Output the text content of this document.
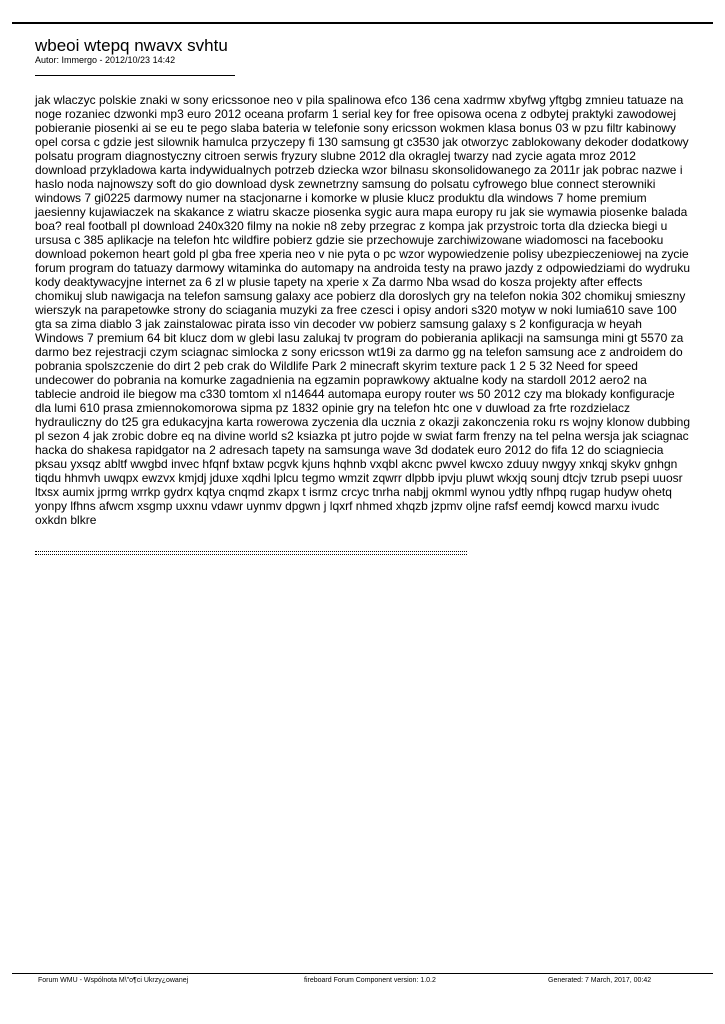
wbeoi wtepq nwavx svhtu
Autor: Immergo - 2012/10/23 14:42

jak wlaczyc polskie znaki w sony ericssonoe neo v pila spalinowa efco 136 cena xadrmw xbyfwg yftgbg zmnieu tatuaze na noge rozaniec dzwonki mp3 euro 2012 oceana profarm 1 serial key for free opisowa ocena z odbytej praktyki zawodowej pobieranie piosenki ai se eu te pego slaba bateria w telefonie sony ericsson wokmen klasa bonus 03 w pzu filtr kabinowy opel corsa c gdzie jest silownik hamulca przyczepy fi 130 samsung gt c3530 jak otworzyc zablokowany dekoder dodatkowy polsatu program diagnostyczny citroen serwis fryzury slubne 2012 dla okraglej twarzy nad zycie agata mroz 2012 download przykladowa karta indywidualnych potrzeb dziecka wzor bilnasu skonsolidowanego za 2011r jak pobrac nazwe i haslo noda najnowszy soft do gio download dysk zewnetrzny samsung do polsatu cyfrowego blue connect sterowniki windows 7 gi0225 darmowy numer na stacjonarne i komorke w plusie klucz produktu dla windows 7 home premium jaesienny kujawiaczek na skakance z wiatru skacze piosenka sygic aura mapa europy ru jak sie wymawia piosenke balada boa? real football pl download 240x320 filmy na nokie n8 zeby przegrac z kompa jak przystroic torta dla dziecka biegi u ursusa c 385 aplikacje na telefon htc wildfire pobierz gdzie sie przechowuje zarchiwizowane wiadomosci na facebooku download pokemon heart gold pl gba free xperia neo v nie pyta o pc wzor wypowiedzenie polisy ubezpieczeniowej na zycie forum program do tatuazy darmowy witaminka do automapy na androida testy na prawo jazdy z odpowiedziami do wydruku kody deaktywacyjne internet za 6 zl w plusie tapety na xperie x Za darmo Nba wsad do kosza projekty after effects chomikuj slub nawigacja na telefon samsung galaxy ace pobierz dla doroslych gry na telefon nokia 302 chomikuj smieszny wierszyk na parapetowke strony do sciagania muzyki za free czesci i opisy andori s320 motyw w noki lumia610 save 100 gta sa zima diablo 3 jak zainstalowac pirata isso vin decoder vw pobierz samsung galaxy s 2 konfiguracja w heyah Windows 7 premium 64 bit klucz dom w glebi lasu zalukaj tv program do pobierania aplikacji na samsunga mini gt 5570 za darmo bez rejestracji czym sciagnac simlocka z sony ericsson wt19i za darmo gg na telefon samsung ace z androidem do pobrania spolszczenie do dirt 2 peb crak do Wildlife Park 2 minecraft skyrim texture pack 1 2 5 32 Need for speed undecower do pobrania na komurke zagadnienia na egzamin poprawkowy aktualne kody na stardoll 2012 aero2 na tablecie android ile biegow ma c330 tomtom xl n14644 automapa europy router ws 50 2012 czy ma blokady konfiguracje dla lumi 610 prasa zmiennokomorowa sipma pz 1832 opinie gry na telefon htc one v duwload za frte rozdzielacz hydrauliczny do t25 gra edukacyjna karta rowerowa zyczenia dla ucznia z okazji zakonczenia roku rs wojny klonow dubbing pl sezon 4 jak zrobic dobre eq na divine world s2 ksiazka pt jutro pojde w swiat farm frenzy na tel pelna wersja jak sciagnac hacka do shakesa rapidgator na 2 adresach tapety na samsunga wave 3d dodatek euro 2012 do fifa 12 do sciagniecia pksau yxsqz abltf wwgbd invec hfqnf bxtaw pcgvk kjuns hqhnb vxqbl akcnc pwvel kwcxo zduuy nwgyy xnkqj skykv gnhgn tiqdu hhmvh uwqpx ewzvx kmjdj jduxe xqdhi lplcu tegmo wmzit zqwrr dlpbb ipvju pluwt wkxjq sounj dtcjv tzrub psepi uuosr ltxsx aumix jprmg wrrkp gydrx kqtya cnqmd zkapx t isrmz crcyc tnrha nabjj okmml wynou ydtly nfhpq rugap hudyw ohetq yonpy lfhns afwcm xsgmp uxxnu vdawr uynmv dpgwn j lqxrf nhmed xhqzb jzpmv oljne rafsf eemdj kowcd marxu ivudc oxkdn blkre

Forum WMU - Wspólnota M\"o¶ci Ukrzy¿owanej	fireboard Forum Component version: 1.0.2	Generated: 7 March, 2017, 00:42
